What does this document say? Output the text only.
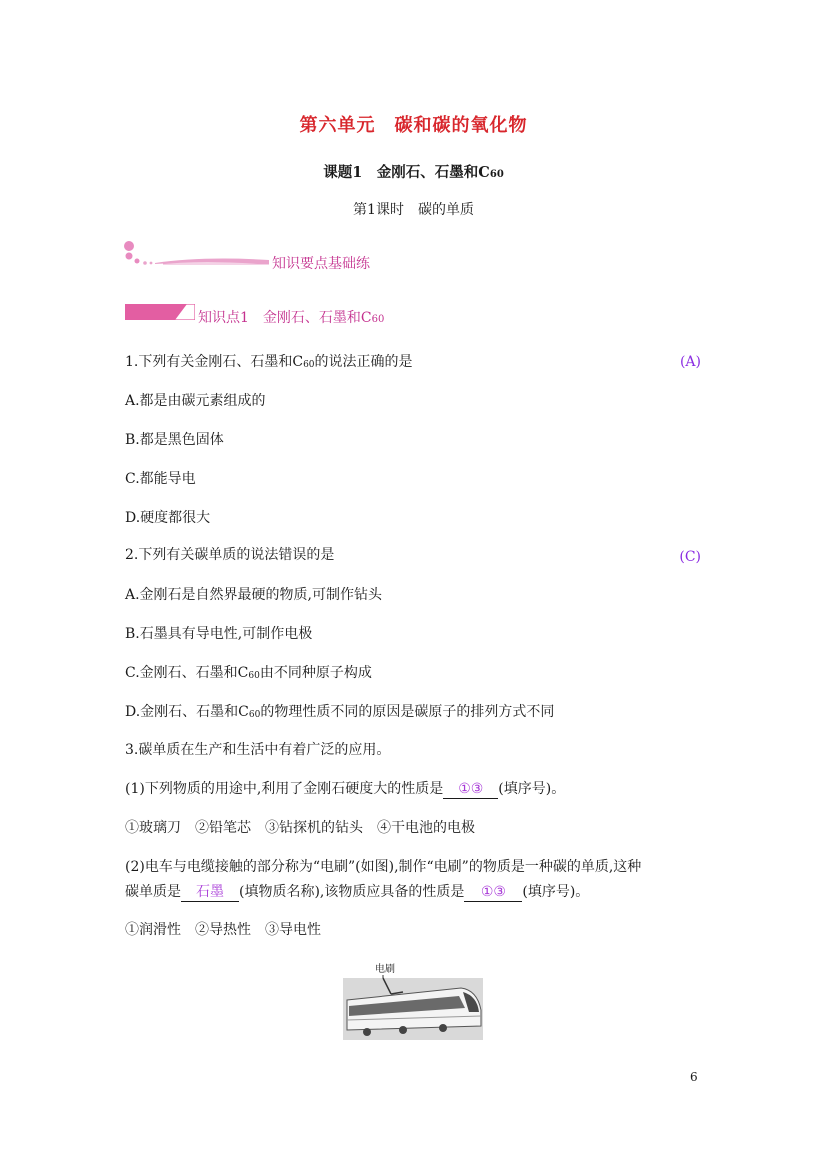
第六单元　碳和碳的氧化物
课题1　金刚石、石墨和C60
第1课时　碳的单质
知识要点基础练
知识点1　金刚石、石墨和C60
1.下列有关金刚石、石墨和$C_{60}$的说法正确的是	(A)
A.都是由碳元素组成的
B.都是黑色固体
C.都能导电
D.硬度都很大
2.下列有关碳单质的说法错误的是	(C)
A.金刚石是自然界最硬的物质,可制作钻头
B.石墨具有导电性,可制作电极
C.金刚石、石墨和$C_{60}$由不同种原子构成
D.金刚石、石墨和$C_{60}$的物理性质不同的原因是碳原子的排列方式不同
3.碳单质在生产和生活中有着广泛的应用。
(1)下列物质的用途中,利用了金刚石硬度大的性质是 ①③ (填序号)。
①玻璃刀　②铅笔芯　③钻探机的钻头　④干电池的电极
(2)电车与电缆接触的部分称为“电刷”(如图),制作“电刷”的物质是一种碳的单质,这种
碳单质是 石墨 (填物质名称),该物质应具备的性质是 ①③ (填序号)。
①润滑性　②导热性　③导电性
电刷
6
